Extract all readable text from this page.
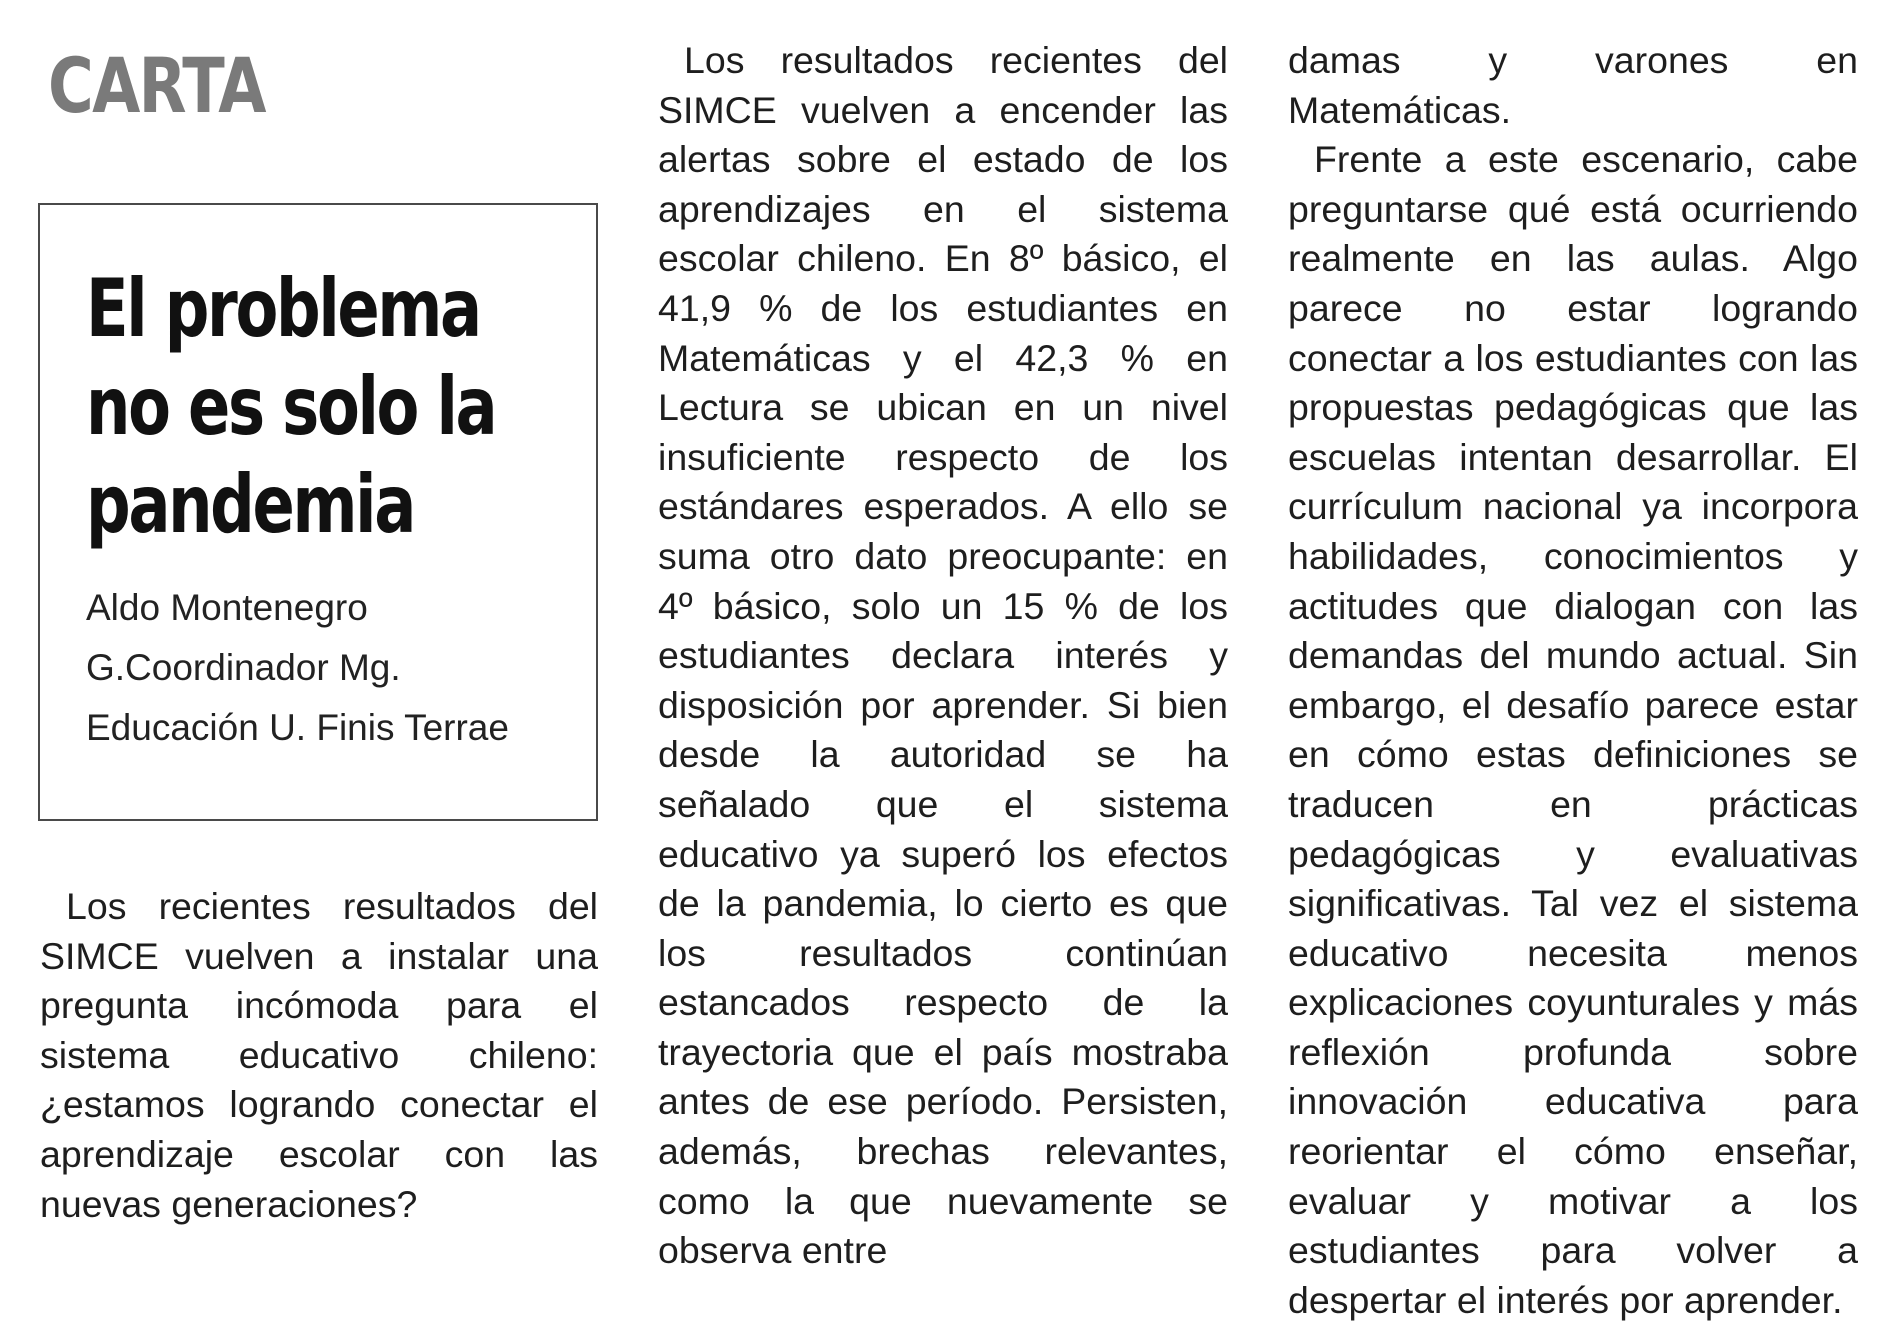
CARTA
El problema
no es solo la
pandemia
Aldo Montenegro
G.Coordinador Mg.
Educación U. Finis Terrae

Los recientes resultados del SIMCE vuelven a instalar una pregunta incómoda para el sistema educativo chileno: ¿estamos logrando conectar el aprendizaje escolar con las nuevas generaciones?

Los resultados recientes del SIMCE vuelven a encender las alertas sobre el estado de los aprendizajes en el sistema escolar chileno. En 8º básico, el 41,9 % de los estudiantes en Matemáticas y el 42,3 % en Lectura se ubican en un nivel insuficiente respecto de los estándares esperados. A ello se suma otro dato preocupante: en 4º básico, solo un 15 % de los estudiantes declara interés y disposición por aprender. Si bien desde la autoridad se ha señalado que el sistema educativo ya superó los efectos de la pandemia, lo cierto es que los resultados continúan estancados respecto de la trayectoria que el país mostraba antes de ese período. Persisten, además, brechas relevantes, como la que nuevamente se observa entre

damas y varones en Matemáticas.

Frente a este escenario, cabe preguntarse qué está ocurriendo realmente en las aulas. Algo parece no estar logrando conectar a los estudiantes con las propuestas pedagógicas que las escuelas intentan desarrollar. El currículum nacional ya incorpora habilidades, conocimientos y actitudes que dialogan con las demandas del mundo actual. Sin embargo, el desafío parece estar en cómo estas definiciones se traducen en prácticas pedagógicas y evaluativas significativas. Tal vez el sistema educativo necesita menos explicaciones coyunturales y más reflexión profunda sobre innovación educativa para reorientar el cómo enseñar, evaluar y motivar a los estudiantes para volver a despertar el interés por aprender.
